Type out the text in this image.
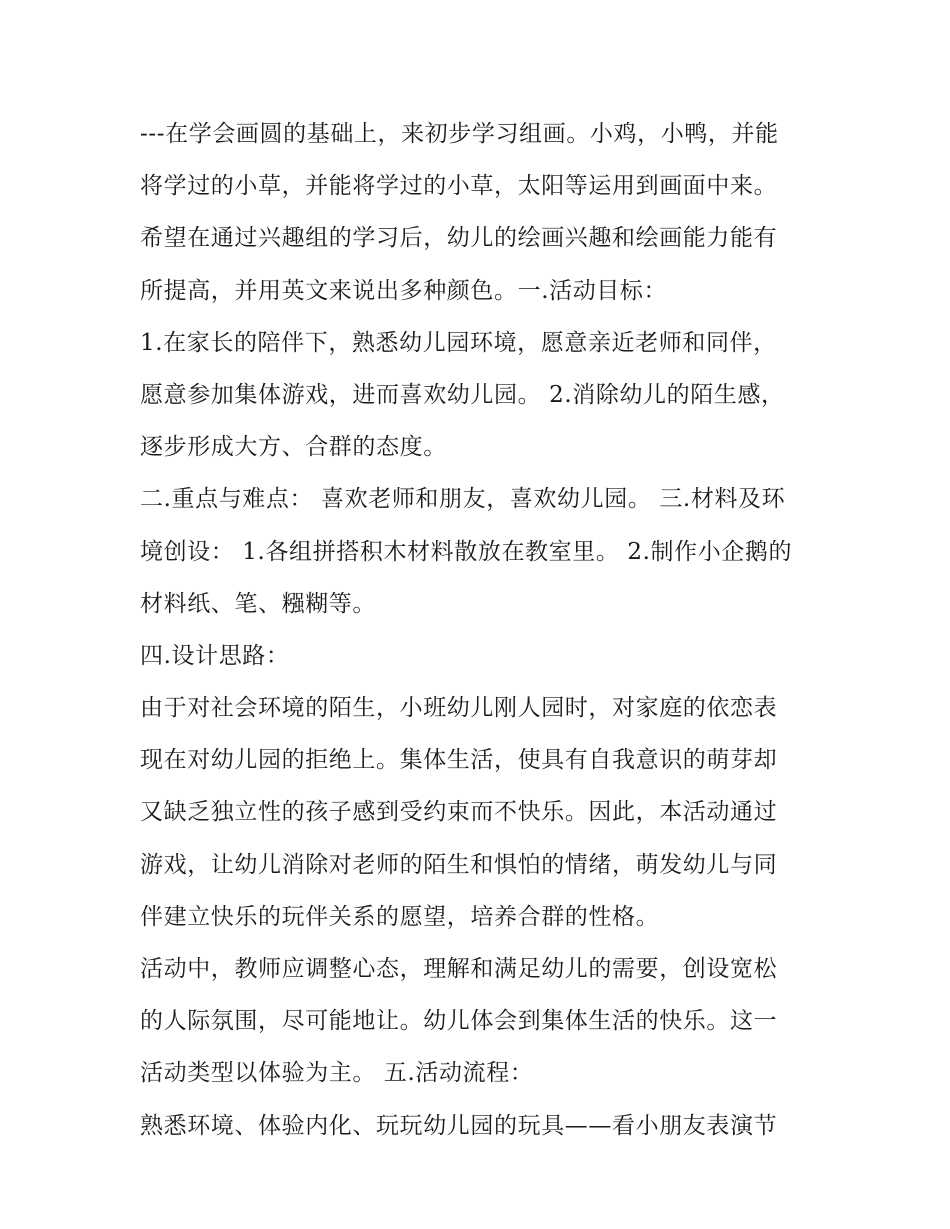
---在学会画圆的基础上，来初步学习组画。小鸡，小鸭，并能
将学过的小草，并能将学过的小草，太阳等运用到画面中来。
希望在通过兴趣组的学习后，幼儿的绘画兴趣和绘画能力能有
所提高，并用英文来说出多种颜色。一.活动目标：
1.在家长的陪伴下，熟悉幼儿园环境，愿意亲近老师和同伴，
愿意参加集体游戏，进而喜欢幼儿园。 2.消除幼儿的陌生感，
逐步形成大方、合群的态度。
二.重点与难点： 喜欢老师和朋友，喜欢幼儿园。 三.材料及环
境创设： 1.各组拼搭积木材料散放在教室里。 2.制作小企鹅的
材料纸、笔、糨糊等。
四.设计思路：
由于对社会环境的陌生，小班幼儿刚人园时，对家庭的依恋表
现在对幼儿园的拒绝上。集体生活，使具有自我意识的萌芽却
又缺乏独立性的孩子感到受约束而不快乐。因此，本活动通过
游戏，让幼儿消除对老师的陌生和惧怕的情绪，萌发幼儿与同
伴建立快乐的玩伴关系的愿望，培养合群的性格。
活动中，教师应调整心态，理解和满足幼儿的需要，创设宽松
的人际氛围，尽可能地让。幼儿体会到集体生活的快乐。这一
活动类型以体验为主。 五.活动流程：
熟悉环境、体验内化、玩玩幼儿园的玩具——看小朋友表演节
